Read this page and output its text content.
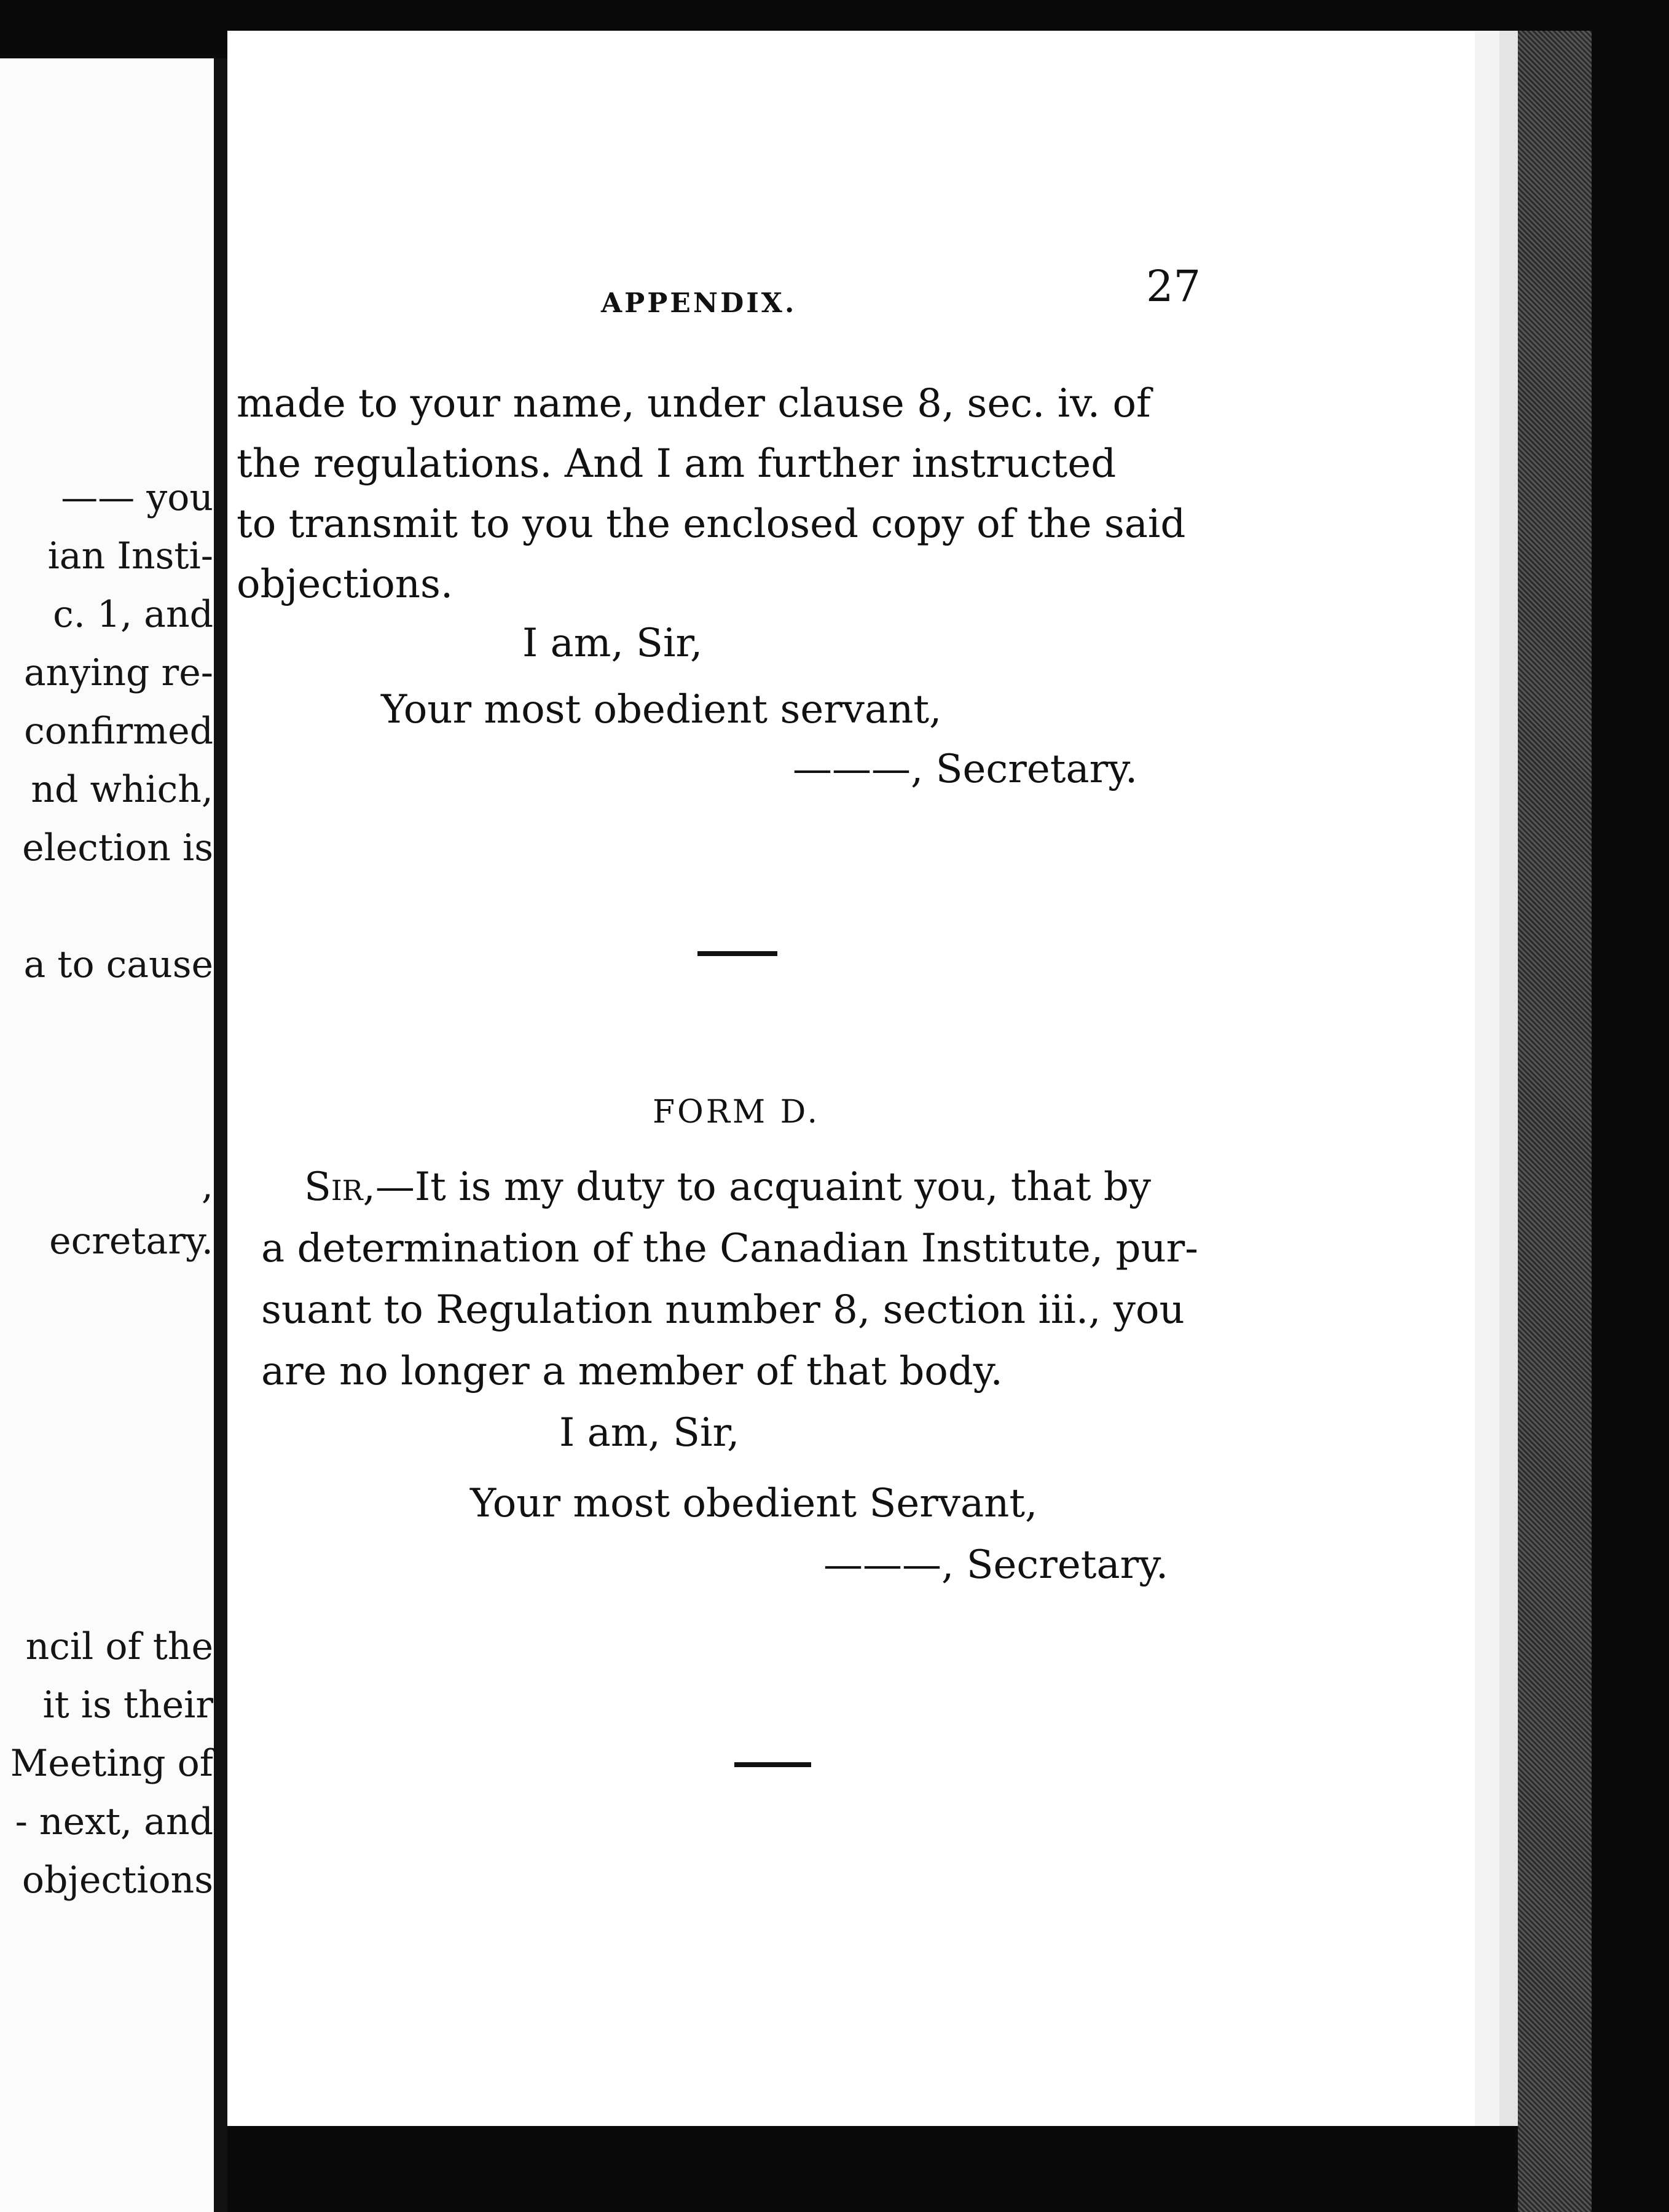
—— you
ian Insti-
c. 1, and
anying re-
confirmed
nd which,
election is
a to cause
,
ecretary.
ncil of the
it is their
Meeting of
- next, and
objections
APPENDIX.	27
made to your name, under clause 8, sec. iv. of
the regulations. And I am further instructed
to transmit to you the enclosed copy of the said
objections.
I am, Sir,
Your most obedient servant,
———, Secretary.
FORM D.
Sir,—It is my duty to acquaint you, that by
a determination of the Canadian Institute, pur-
suant to Regulation number 8, section iii., you
are no longer a member of that body.
I am, Sir,
Your most obedient Servant,
———, Secretary.
